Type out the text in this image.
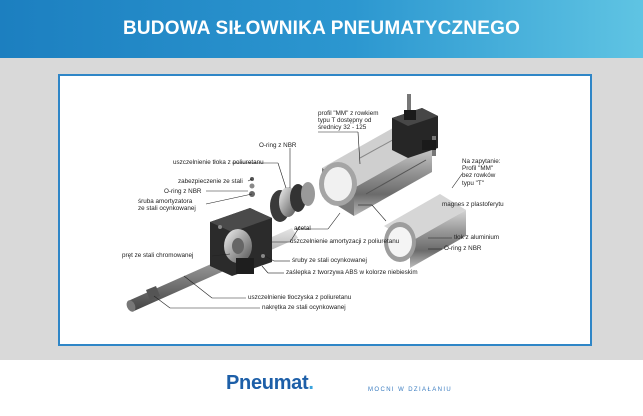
BUDOWA SIŁOWNIKA PNEUMATYCZNEGO
profil "MM" z rowkiem
typu T dostępny od
średnicy 32 - 125
O-ring z NBR
uszczelnienie tłoka z poliuretanu
zabezpieczenie ze stali
O-ring z NBR
śruba amortyzatora
ze stali ocynkowanej
Na zapytanie:
Profil "MM"
bez rowków
typu "T"
magnes z plastoferytu
acetal
tłok z aluminium
uszczelnienie amortyzacji z poliuretanu
O-ring z NBR
pręt ze stali chromowanej
śruby ze stali ocynkowanej
zaślepka z tworzywa ABS w kolorze niebieskim
uszczelnienie tłoczyska z poliuretanu
nakrętka ze stali ocynkowanej
Pneumat.	MOCNI W DZIAŁANIU
